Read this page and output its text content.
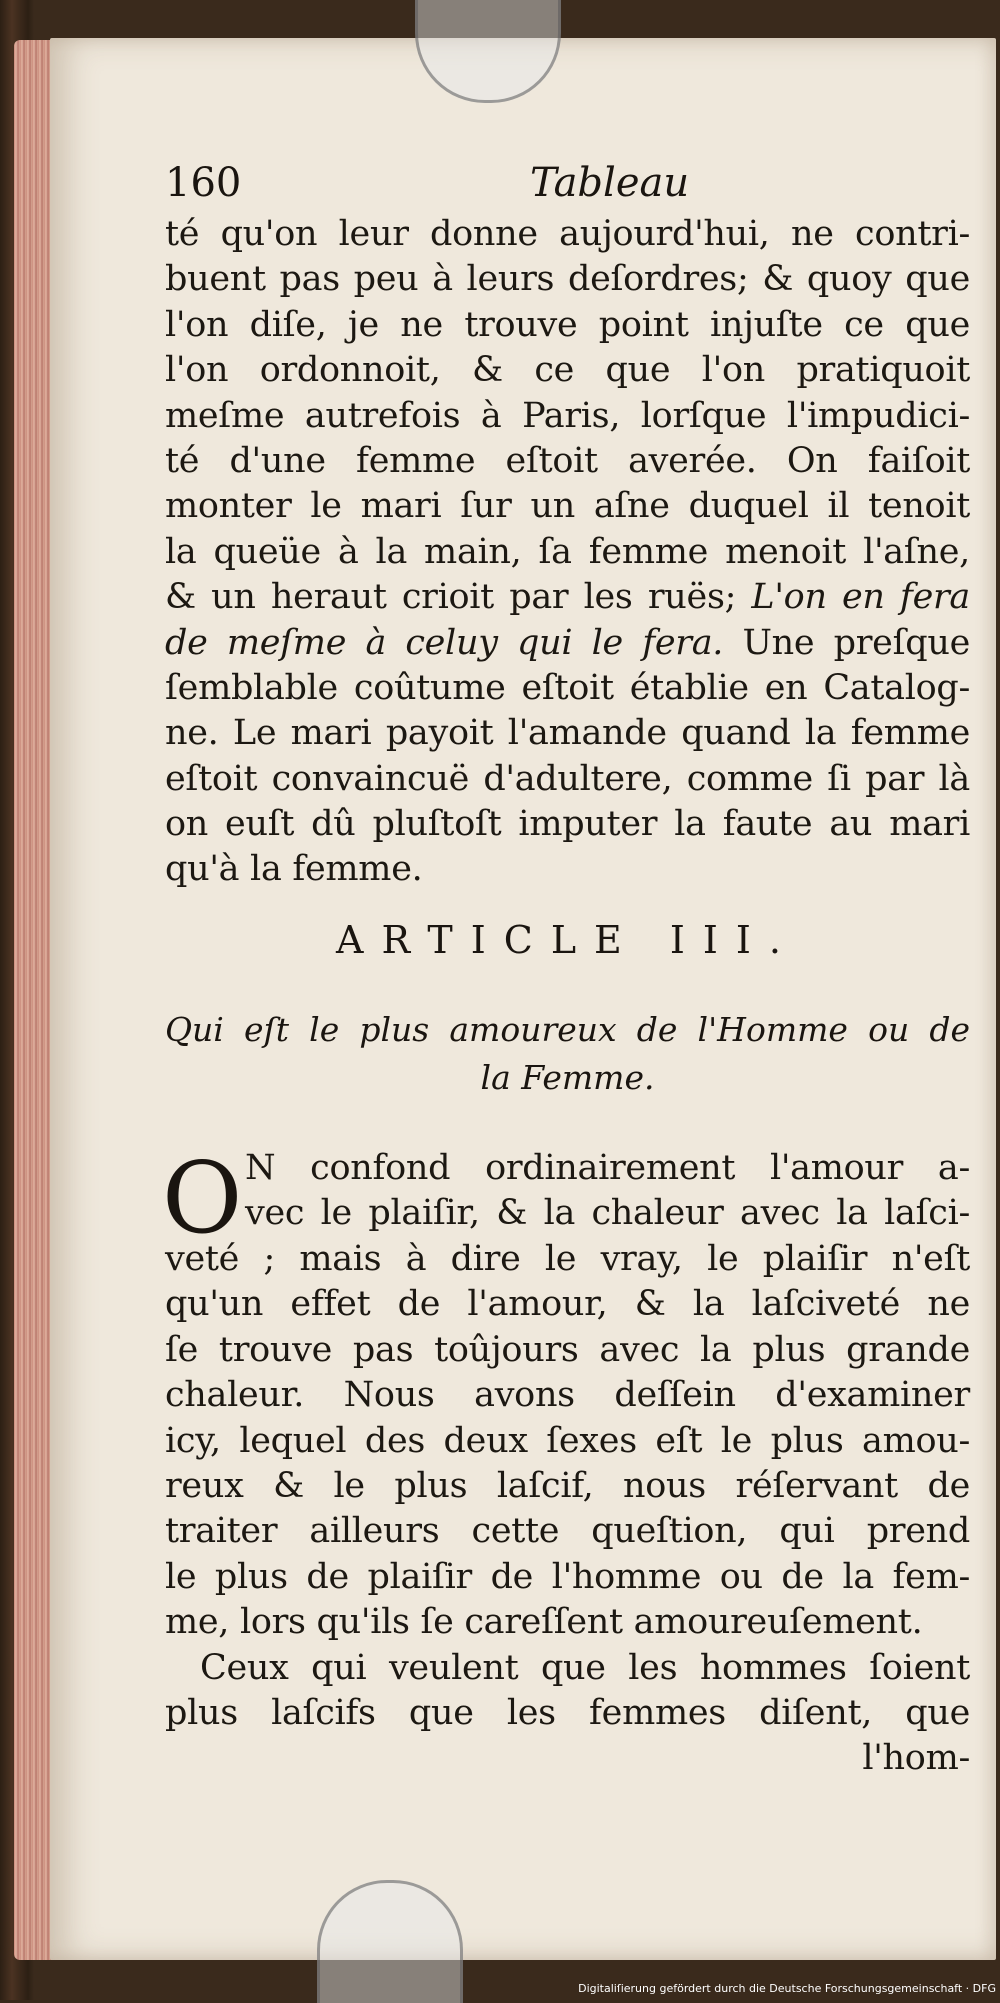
160	Tableau
té qu'on leur donne aujourd'hui, ne contri-
buent pas peu à leurs deſordres; & quoy que
l'on diſe, je ne trouve point injuſte ce que
l'on ordonnoit, & ce que l'on pratiquoit
meſme autrefois à Paris, lorſque l'impudici-
té d'une femme eſtoit averée. On faiſoit
monter le mari ſur un aſne duquel il tenoit
la queüe à la main, ſa femme menoit l'aſne,
& un heraut crioit par les ruës; L'on en fera
de meſme à celuy qui le fera. Une preſque
ſemblable coûtume eſtoit établie en Catalog-
ne. Le mari payoit l'amande quand la femme
eſtoit convaincuë d'adultere, comme ſi par là
on euſt dû pluſtoſt imputer la faute au mari
qu'à la femme.
ARTICLE III.
Qui eſt le plus amoureux de l'Homme ou de
la Femme.
O N confond ordinairement l'amour a-
vec le plaiſir, & la chaleur avec la laſci-
veté ; mais à dire le vray, le plaiſir n'eſt
qu'un effet de l'amour, & la laſciveté ne
ſe trouve pas toûjours avec la plus grande
chaleur. Nous avons deſſein d'examiner
icy, lequel des deux ſexes eſt le plus amou-
reux & le plus laſcif, nous réſervant de
traiter ailleurs cette queſtion, qui prend
le plus de plaiſir de l'homme ou de la fem-
me, lors qu'ils ſe careſſent amoureuſement.
Ceux qui veulent que les hommes ſoient
plus laſcifs que les femmes diſent, que
l'hom-
Digitaliſierung gefördert durch die Deutsche Forschungsgemeinschaft · DFG
